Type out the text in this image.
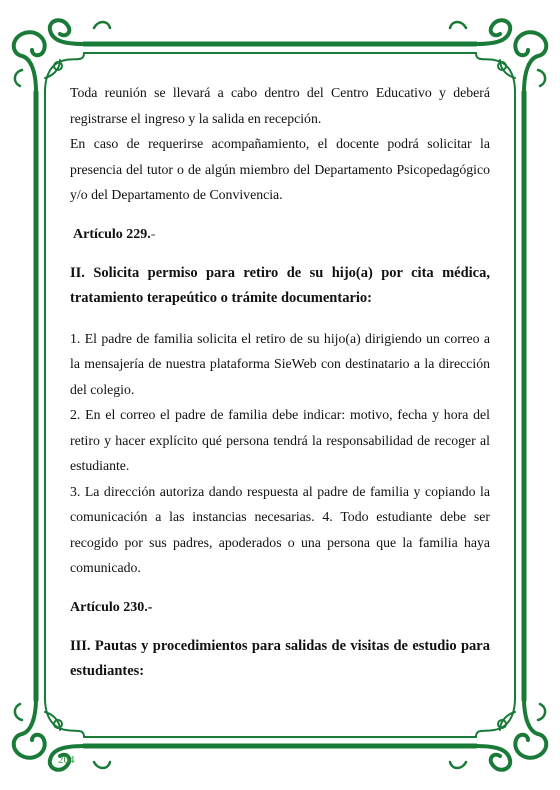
Toda reunión se llevará a cabo dentro del Centro Educativo y deberá registrarse el ingreso y la salida en recepción.

En caso de requerirse acompañamiento, el docente podrá solicitar la presencia del tutor o de algún miembro del Departamento Psicopedagógico y/o del Departamento de Convivencia.

Artículo 229.-

II. Solicita permiso para retiro de su hijo(a) por cita médica, tratamiento terapeútico o trámite documentario:

1. El padre de familia solicita el retiro de su hijo(a) dirigiendo un correo a la mensajería de nuestra plataforma SieWeb con destinatario a la dirección del colegio.

2. En el correo el padre de familia debe indicar: motivo, fecha y hora del retiro y hacer explícito qué persona tendrá la responsabilidad de recoger al estudiante.

3. La dirección autoriza dando respuesta al padre de familia y copiando la comunicación a las instancias necesarias. 4. Todo estudiante debe ser recogido por sus padres, apoderados o una persona que la familia haya comunicado.

Artículo 230.-

III. Pautas y procedimientos para salidas de visitas de estudio para estudiantes:

204
